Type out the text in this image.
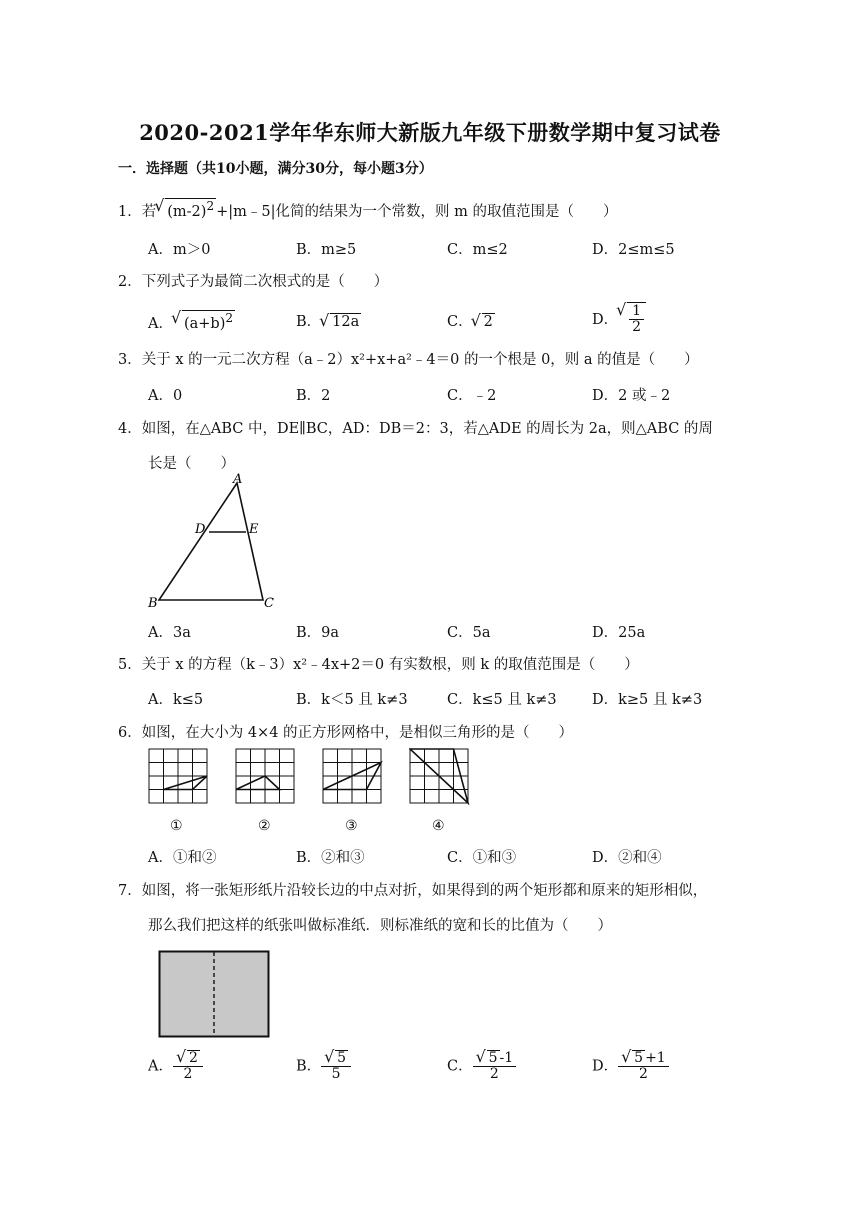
2020-2021学年华东师大新版九年级下册数学期中复习试卷
一．选择题（共10小题，满分30分，每小题3分）
1．若 √ $(m-2)^2$ +|m﹣5|化简的结果为一个常数，则 m 的取值范围是（　　）
A．m＞0	B．m≥5	C．m≤2	D．2≤m≤5
2．下列式子为最简二次根式的是（　　）
A． √ $(a+b)^2$	B． √ 12a	C． √ 2	D． √ $\frac{1}{2}$
3．关于 x 的一元二次方程（a﹣2）x²+x+a²﹣4＝0 的一个根是 0，则 a 的值是（　　）
A．0	B．2	C．﹣2	D．2 或﹣2
4．如图，在△ABC 中，DE∥BC，AD：DB＝2：3，若△ADE 的周长为 2a，则△ABC 的周
长是（　　）
A
D	E
B	C
A．3a	B．9a	C．5a	D．25a
5．关于 x 的方程（k﹣3）x²﹣4x+2＝0 有实数根，则 k 的取值范围是（　　）
A．k≤5	B．k＜5 且 k≠3	C．k≤5 且 k≠3 D．k≥5 且 k≠3
6．如图，在大小为 4×4 的正方形网格中，是相似三角形的是（　　）
①	②	③	④
A．①和②	B．②和③	C．①和③	D．②和④
7．如图，将一张矩形纸片沿较长边的中点对折，如果得到的两个矩形都和原来的矩形相似，
那么我们把这样的纸张叫做标准纸．则标准纸的宽和长的比值为（　　）
A． √ $\frac{2}{2}$	B． √ $\frac{5}{5}$	C． √ $\frac{5 -1}{2}$	D． √ $\frac{5 +1}{2}$
